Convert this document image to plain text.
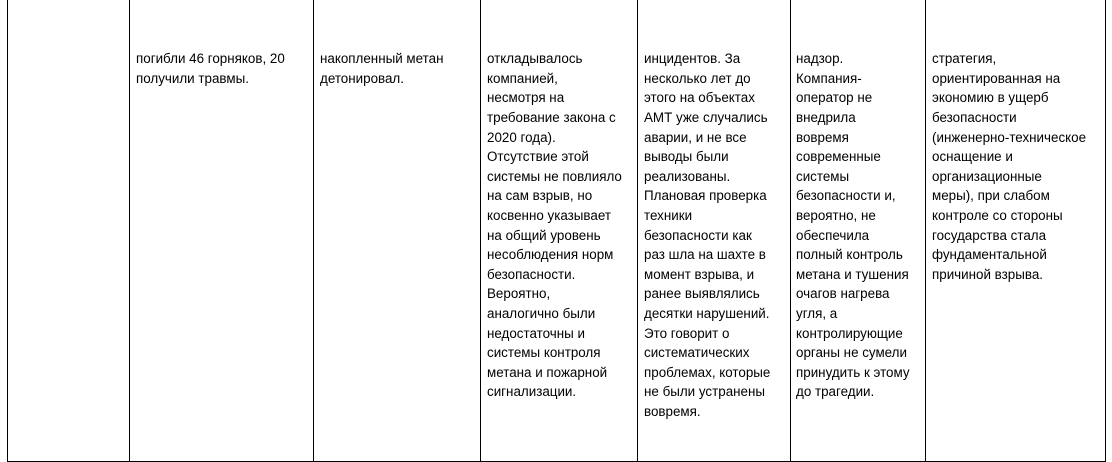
погибли 46 горняков, 20
получили травмы.

накопленный метан
детонировал.

откладывалось
компанией,
несмотря на
требование закона с
2020 года).
Отсутствие этой
системы не повлияло
на сам взрыв, но
косвенно указывает
на общий уровень
несоблюдения норм
безопасности.
Вероятно,
аналогично были
недостаточны и
системы контроля
метана и пожарной
сигнализации.

инцидентов. За
несколько лет до
этого на объектах
АМТ уже случались
аварии, и не все
выводы были
реализованы.
Плановая проверка
техники
безопасности как
раз шла на шахте в
момент взрыва, и
ранее выявлялись
десятки нарушений.
Это говорит о
систематических
проблемах, которые
не были устранены
вовремя.

надзор.
Компания-
оператор не
внедрила
вовремя
современные
системы
безопасности и,
вероятно, не
обеспечила
полный контроль
метана и тушения
очагов нагрева
угля, а
контролирующие
органы не сумели
принудить к этому
до трагедии.

стратегия,
ориентированная на
экономию в ущерб
безопасности
(инженерно-техническое
оснащение и
организационные
меры), при слабом
контроле со стороны
государства стала
фундаментальной
причиной взрыва.
